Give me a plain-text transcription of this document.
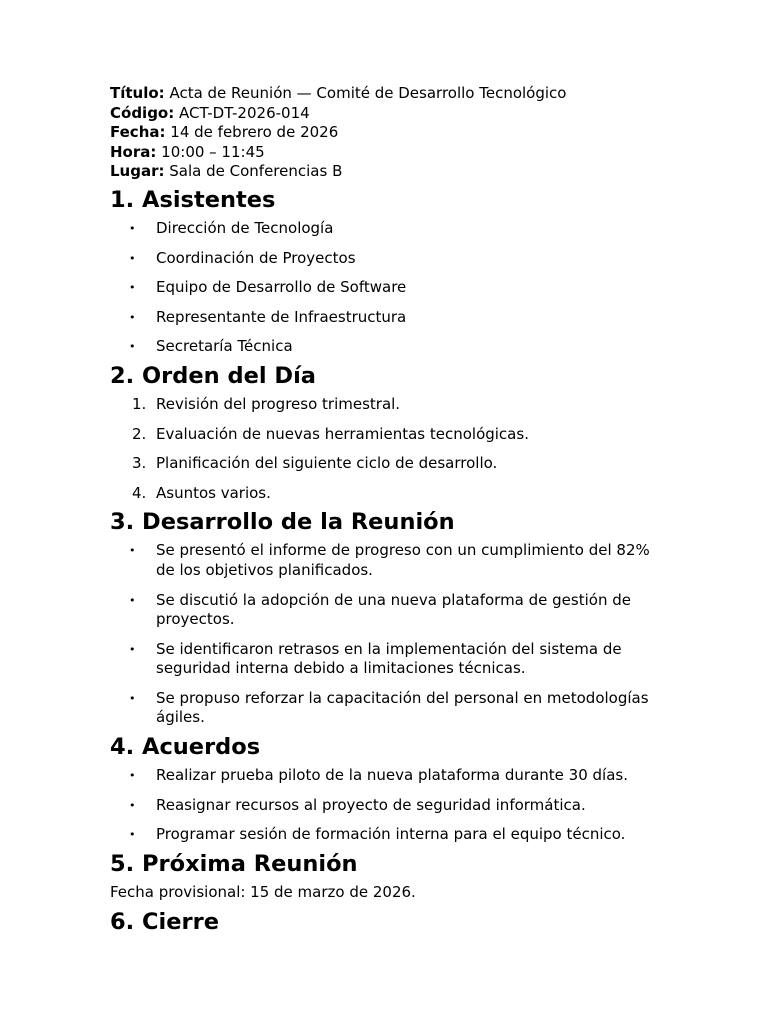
Título: Acta de Reunión — Comité de Desarrollo Tecnológico

Código: ACT-DT-2026-014

Fecha: 14 de febrero de 2026

Hora: 10:00 – 11:45

Lugar: Sala de Conferencias B

1. Asistentes
• Dirección de Tecnología
• Coordinación de Proyectos
• Equipo de Desarrollo de Software
• Representante de Infraestructura
• Secretaría Técnica
2. Orden del Día
1. Revisión del progreso trimestral.
2. Evaluación de nuevas herramientas tecnológicas.
3. Planificación del siguiente ciclo de desarrollo.
4. Asuntos varios.
3. Desarrollo de la Reunión
• Se presentó el informe de progreso con un cumplimiento del 82% de los objetivos planificados.
• Se discutió la adopción de una nueva plataforma de gestión de proyectos.
• Se identificaron retrasos en la implementación del sistema de seguridad interna debido a limitaciones técnicas.
• Se propuso reforzar la capacitación del personal en metodologías ágiles.
4. Acuerdos
• Realizar prueba piloto de la nueva plataforma durante 30 días.
• Reasignar recursos al proyecto de seguridad informática.
• Programar sesión de formación interna para el equipo técnico.
5. Próxima Reunión

Fecha provisional: 15 de marzo de 2026.

6. Cierre
